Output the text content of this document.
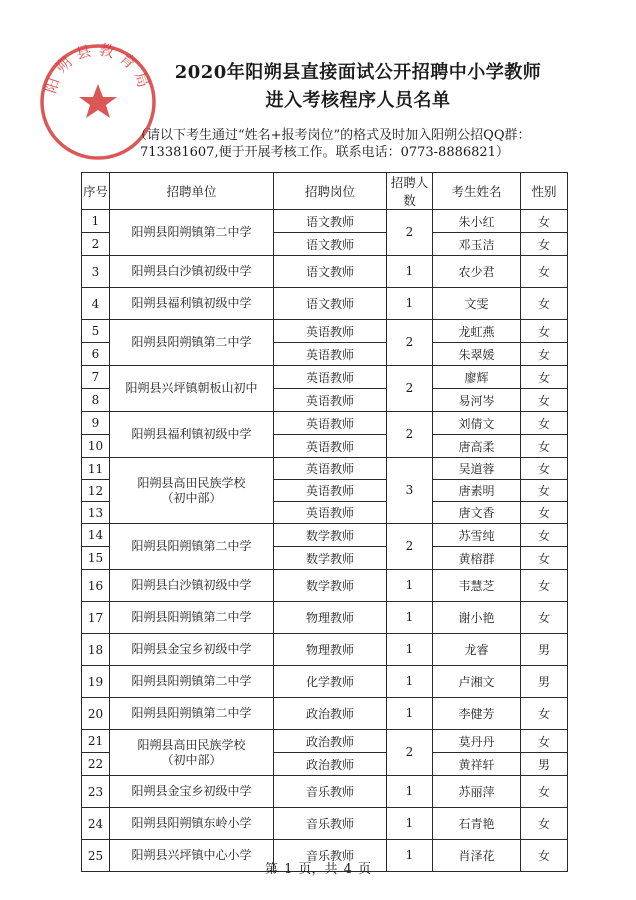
阳朔县教育局	2020年阳朔县直接面试公开招聘中小学教师
进入考核程序人员名单
（请以下考生通过“姓名+报考岗位”的格式及时加入阳朔公招QQ群：
713381607,便于开展考核工作。联系电话：0773-8886821）
序号	招聘单位	招聘岗位	招聘人数	考生姓名	性别
1	阳朔县阳朔镇第二中学	语文教师	2	朱小红	女
2		语文教师		邓玉洁	女
3	阳朔县白沙镇初级中学	语文教师	1	农少君	女
4	阳朔县福利镇初级中学	语文教师	1	文雯	女
5	阳朔县阳朔镇第二中学	英语教师	2	龙虹燕	女
6		英语教师		朱翠媛	女
7	阳朔县兴坪镇朝板山初中	英语教师	2	廖辉	女
8		英语教师		易河岑	女
9	阳朔县福利镇初级中学	英语教师	2	刘倩文	女
10		英语教师		唐高柔	女
11	阳朔县高田民族学校
（初中部）	英语教师	3	吴道蓉	女
12		英语教师		唐素明	女
13		英语教师		唐文香	女
14	阳朔县阳朔镇第二中学	数学教师	2	苏雪纯	女
15		数学教师		黄榕群	女
16	阳朔县白沙镇初级中学	数学教师	1	韦慧芝	女
17	阳朔县阳朔镇第二中学	物理教师	1	谢小艳	女
18	阳朔县金宝乡初级中学	物理教师	1	龙睿	男
19	阳朔县阳朔镇第二中学	化学教师	1	卢湘文	男
20	阳朔县阳朔镇第二中学	政治教师	1	李健芳	女
21	阳朔县高田民族学校
（初中部）	政治教师	2	莫丹丹	女
22		政治教师		黄祥轩	男
23	阳朔县金宝乡初级中学	音乐教师	1	苏丽萍	女
24	阳朔县阳朔镇东岭小学	音乐教师	1	石青艳	女
25	阳朔县兴坪镇中心小学	音乐教师	1	肖泽花	女
第 1 页，共 4 页
